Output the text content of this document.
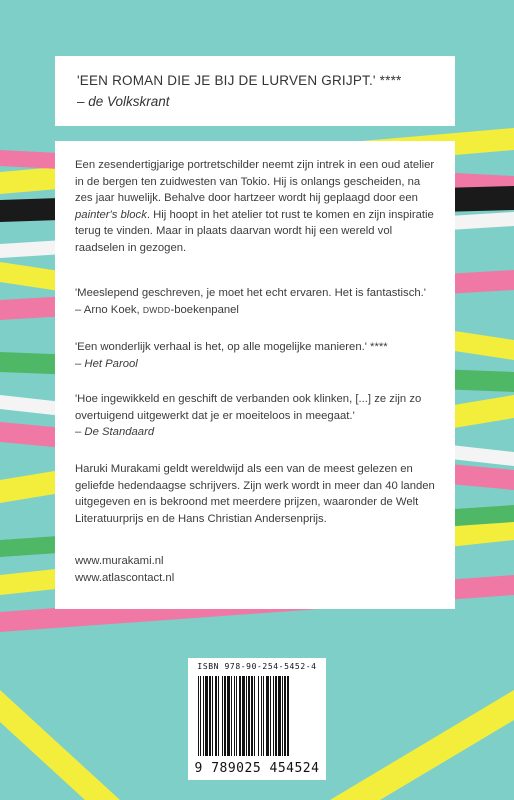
'EEN ROMAN DIE JE BIJ DE LURVEN GRIJPT.' ****
– de Volkskrant
Een zesendertigjarige portretschilder neemt zijn intrek in een oud atelier in de bergen ten zuidwesten van Tokio. Hij is onlangs gescheiden, na zes jaar huwelijk. Behalve door hartzeer wordt hij geplaagd door een painter's block. Hij hoopt in het atelier tot rust te komen en zijn inspiratie terug te vinden. Maar in plaats daarvan wordt hij een wereld vol raadselen in gezogen.
'Meeslepend geschreven, je moet het echt ervaren. Het is fantastisch.'
– Arno Koek, DWDD-boekenpanel
'Een wonderlijk verhaal is het, op alle mogelijke manieren.' ****
– Het Parool
'Hoe ingewikkeld en geschift de verbanden ook klinken, [...] ze zijn zo overtuigend uitgewerkt dat je er moeiteloos in meegaat.'
– De Standaard
Haruki Murakami geldt wereldwijd als een van de meest gelezen en geliefde hedendaagse schrijvers. Zijn werk wordt in meer dan 40 landen uitgegeven en is bekroond met meerdere prijzen, waaronder de Welt Literatuurprijs en de Hans Christian Andersenprijs.
www.murakami.nl
www.atlascontact.nl
ISBN 978-90-254-5452-4
9 789025 454524
